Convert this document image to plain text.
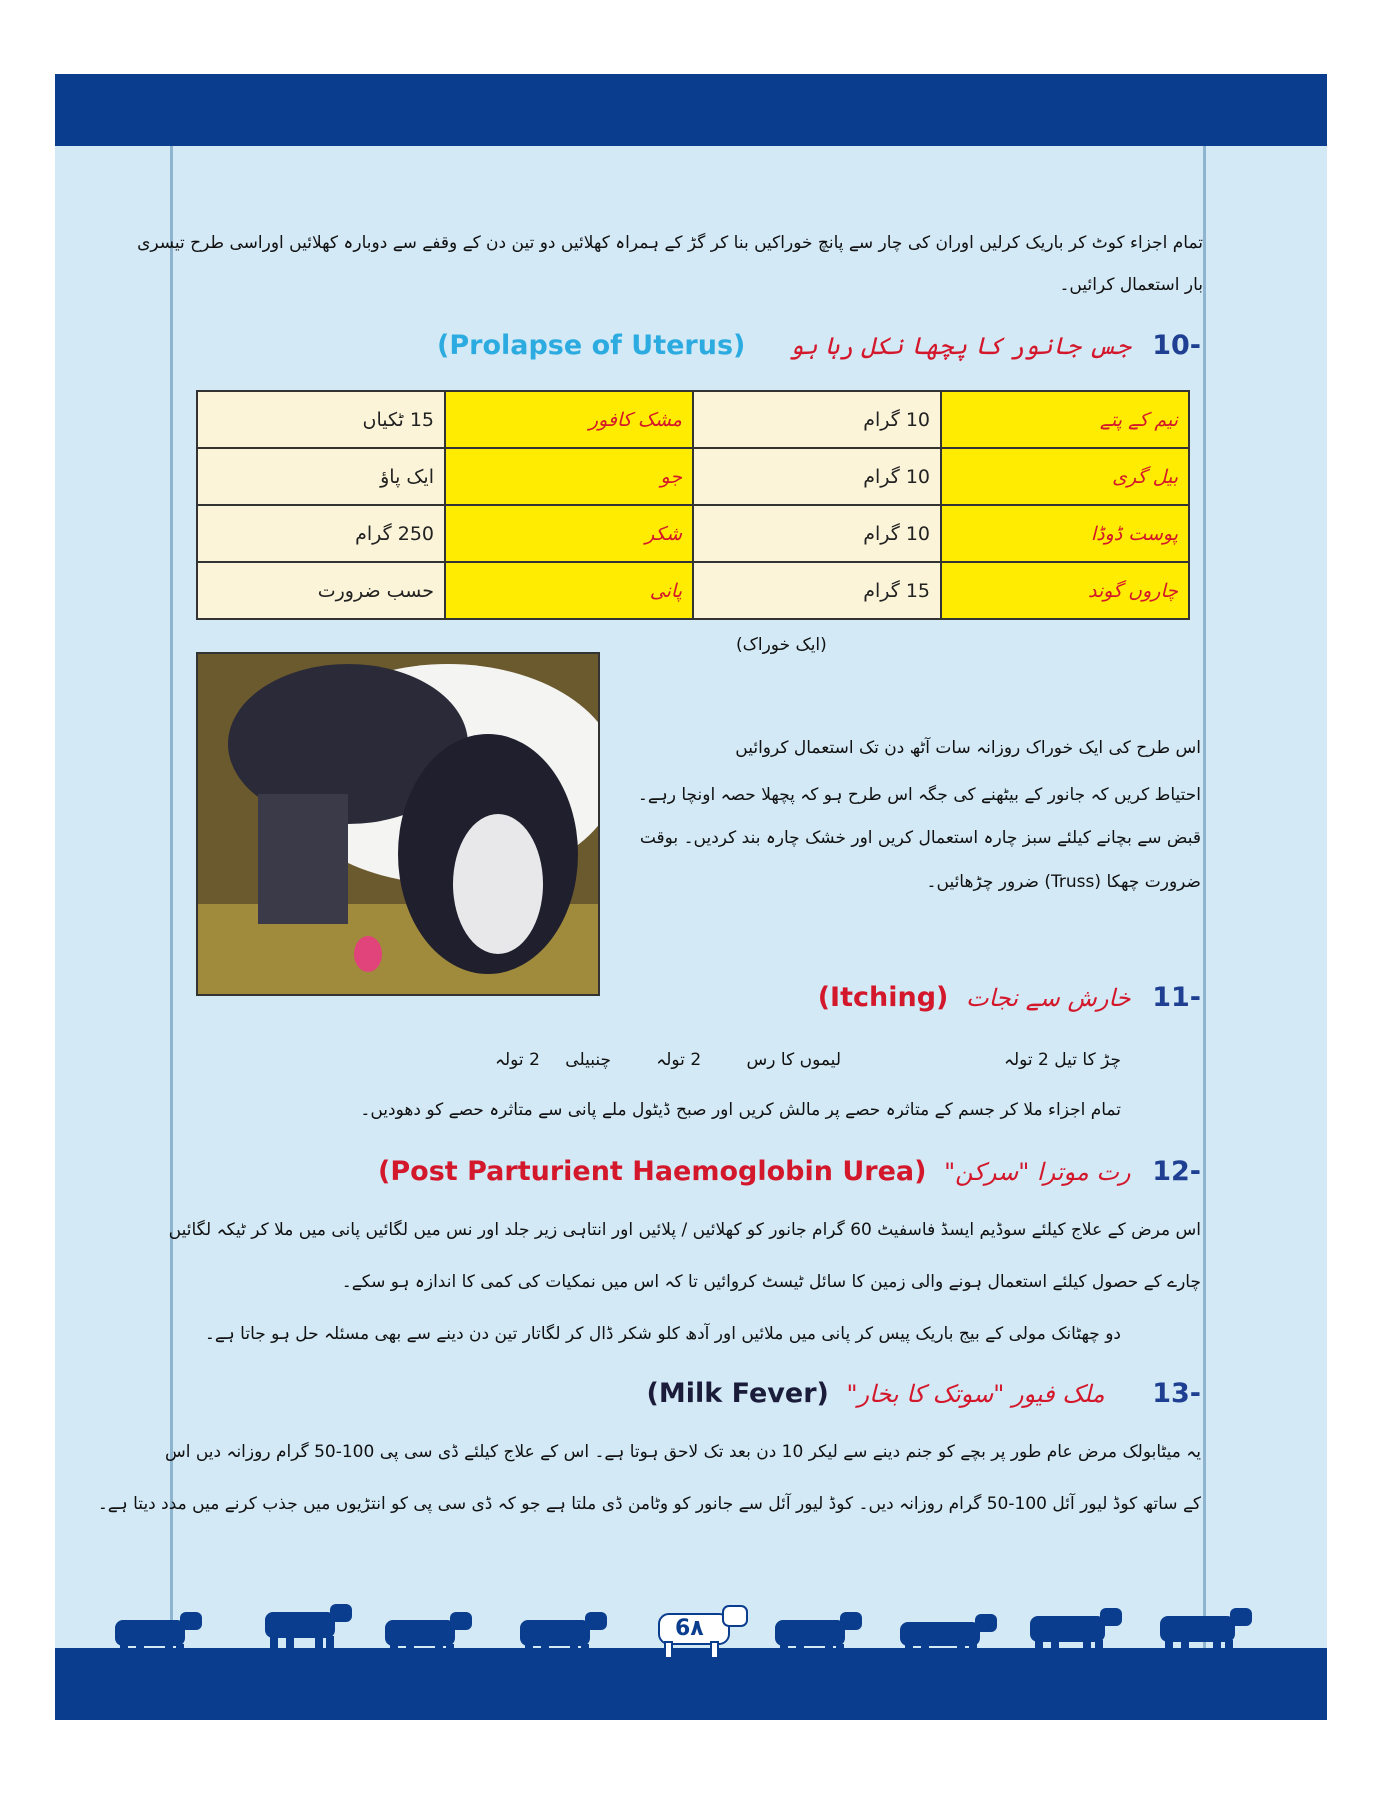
تمام اجزاء کوٹ کر باریک کرلیں اوران کی چار سے پانچ خوراکیں بنا کر گڑ کے ہمراہ کھلائیں دو تین دن کے وقفے سے دوبارہ کھلائیں اوراسی طرح تیسری
بار استعمال کرائیں۔
-10 جس جانور کا پچھا نکل رہا ہو
(Prolapse of Uterus)
نیم کے پتے	10 گرام	مشک کافور	15 ٹکیاں
بیل گری	10 گرام	جو	ایک پاؤ
پوست ڈوڈا	10 گرام	شکر	250 گرام
چاروں گوند	15 گرام	پانی	حسب ضرورت
(ایک خوراک)
اس طرح کی ایک خوراک روزانہ سات آٹھ دن تک استعمال کروائیں
احتیاط کریں کہ جانور کے بیٹھنے کی جگہ اس طرح ہو کہ پچھلا حصہ اونچا رہے۔
قبض سے بچانے کیلئے سبز چارہ استعمال کریں اور خشک چارہ بند کردیں۔ بوقت
ضرورت چھکا (Truss) ضرور چڑھائیں۔
-11 خارش سے نجات (Itching)
چڑ کا تیل 2 تولہ
لیموں کا رس 2 تولہ
چنبیلی 2 تولہ
تمام اجزاء ملا کر جسم کے متاثرہ حصے پر مالش کریں اور صبح ڈیٹول ملے پانی سے متاثرہ حصے کو دھودیں۔
-12 رت موترا "سرکن" (Post Parturient Haemoglobin Urea)
اس مرض کے علاج کیلئے سوڈیم ایسڈ فاسفیٹ 60 گرام جانور کو کھلائیں / پلائیں اور انتاہی زیر جلد اور نس میں لگائیں پانی میں ملا کر ٹیکہ لگائیں
چارے کے حصول کیلئے استعمال ہونے والی زمین کا سائل ٹیسٹ کروائیں تا کہ اس میں نمکیات کی کمی کا اندازہ ہو سکے۔
دو چھٹانک مولی کے بیج باریک پیس کر پانی میں ملائیں اور آدھ کلو شکر ڈال کر لگاتار تین دن دینے سے بھی مسئلہ حل ہو جاتا ہے۔
-13 ملک فیور "سوتک کا بخار" (Milk Fever)
یہ میٹابولک مرض عام طور پر بچے کو جنم دینے سے لیکر 10 دن بعد تک لاحق ہوتا ہے۔ اس کے علاج کیلئے ڈی سی پی 100-50 گرام روزانہ دیں اس
کے ساتھ کوڈ لیور آئل 100-50 گرام روزانہ دیں۔ کوڈ لیور آئل سے جانور کو وٹامن ڈی ملتا ہے جو کہ ڈی سی پی کو انتڑیوں میں جذب کرنے میں مدد دیتا ہے۔
6٨
